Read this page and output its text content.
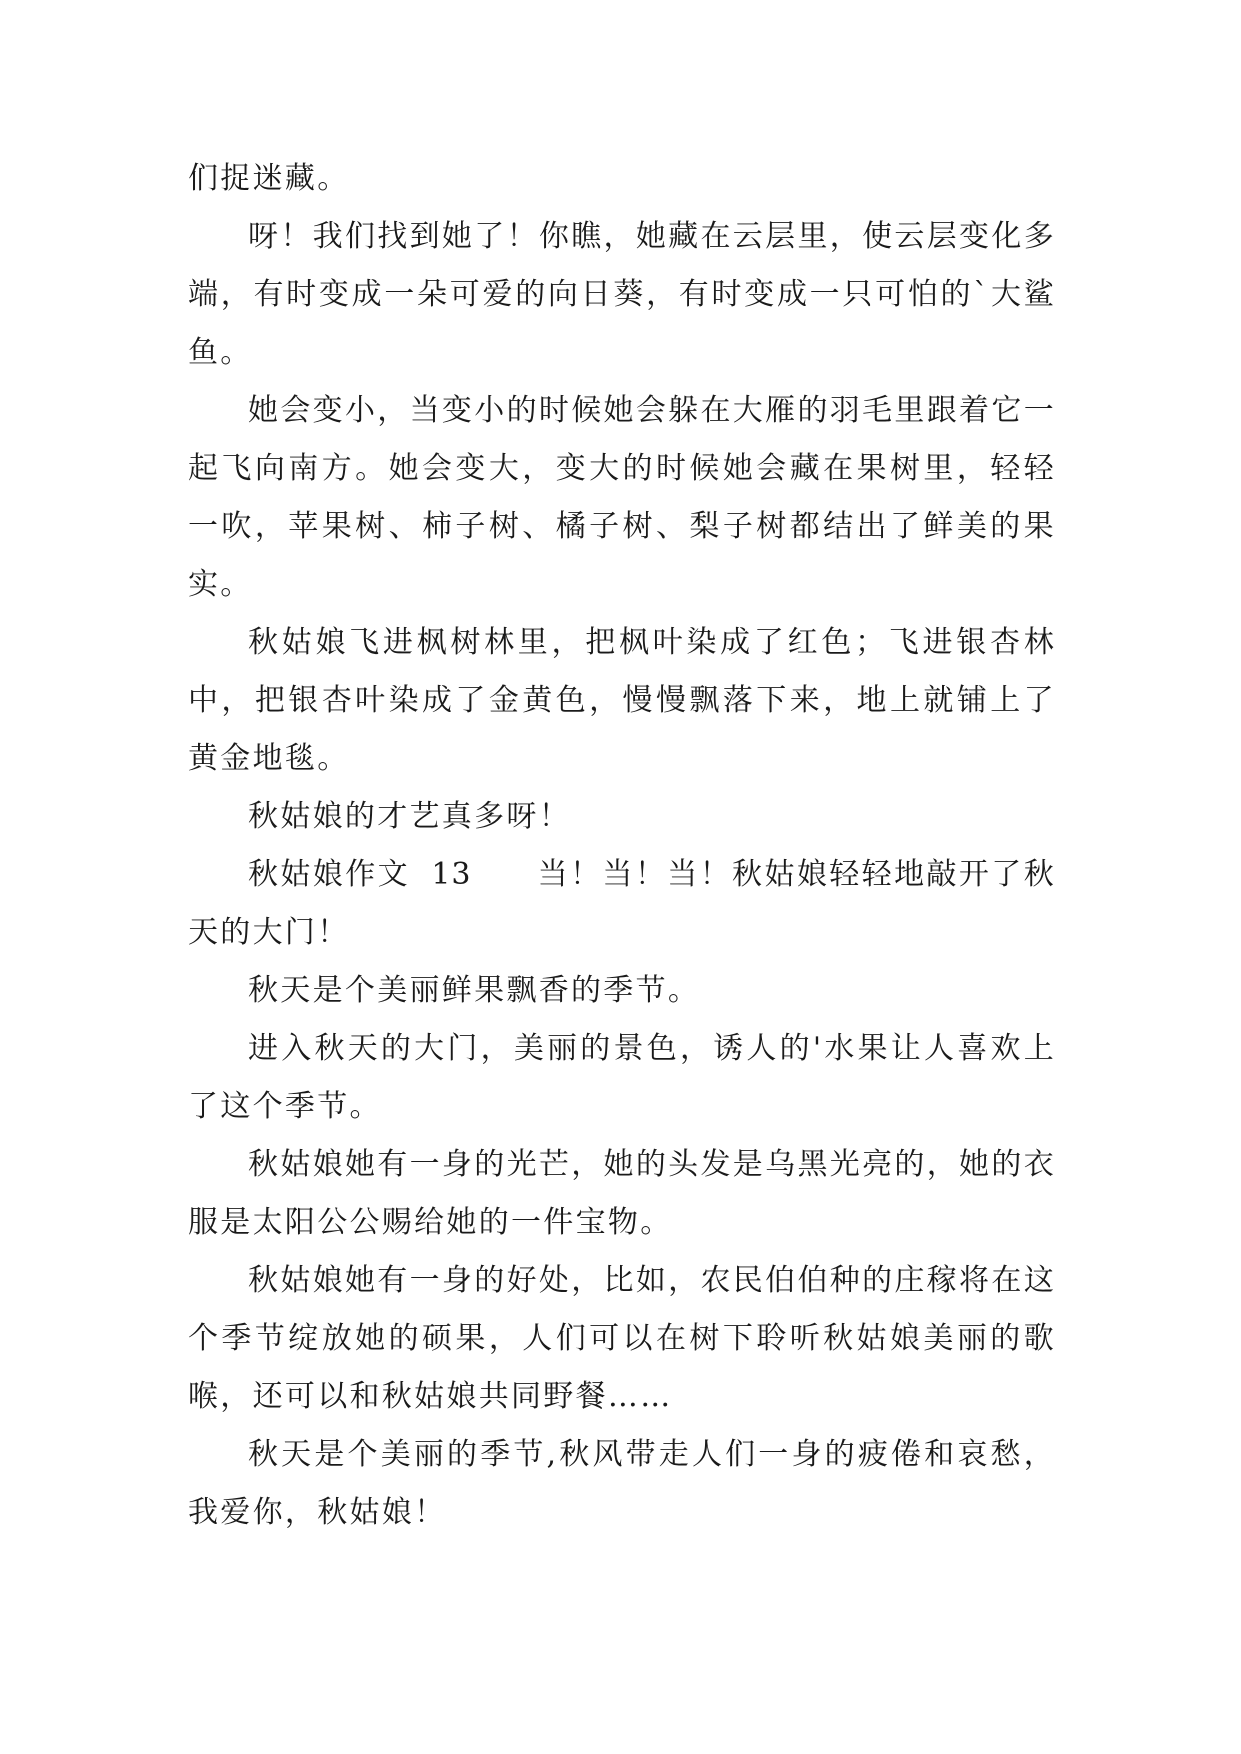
们捉迷藏。

呀！我们找到她了！你瞧，她藏在云层里，使云层变化多端，有时变成一朵可爱的向日葵，有时变成一只可怕的`大鲨鱼。

她会变小，当变小的时候她会躲在大雁的羽毛里跟着它一起飞向南方。她会变大，变大的时候她会藏在果树里，轻轻一吹，苹果树、柿子树、橘子树、梨子树都结出了鲜美的果实。

秋姑娘飞进枫树林里，把枫叶染成了红色；飞进银杏林中，把银杏叶染成了金黄色，慢慢飘落下来，地上就铺上了黄金地毯。

秋姑娘的才艺真多呀！

秋姑娘作文 13 当！当！当！秋姑娘轻轻地敲开了秋天的大门！

秋天是个美丽鲜果飘香的季节。

进入秋天的大门，美丽的景色，诱人的'水果让人喜欢上了这个季节。

秋姑娘她有一身的光芒，她的头发是乌黑光亮的，她的衣服是太阳公公赐给她的一件宝物。

秋姑娘她有一身的好处，比如，农民伯伯种的庄稼将在这个季节绽放她的硕果，人们可以在树下聆听秋姑娘美丽的歌喉，还可以和秋姑娘共同野餐……

秋天是个美丽的季节,秋风带走人们一身的疲倦和哀愁，我爱你，秋姑娘！
